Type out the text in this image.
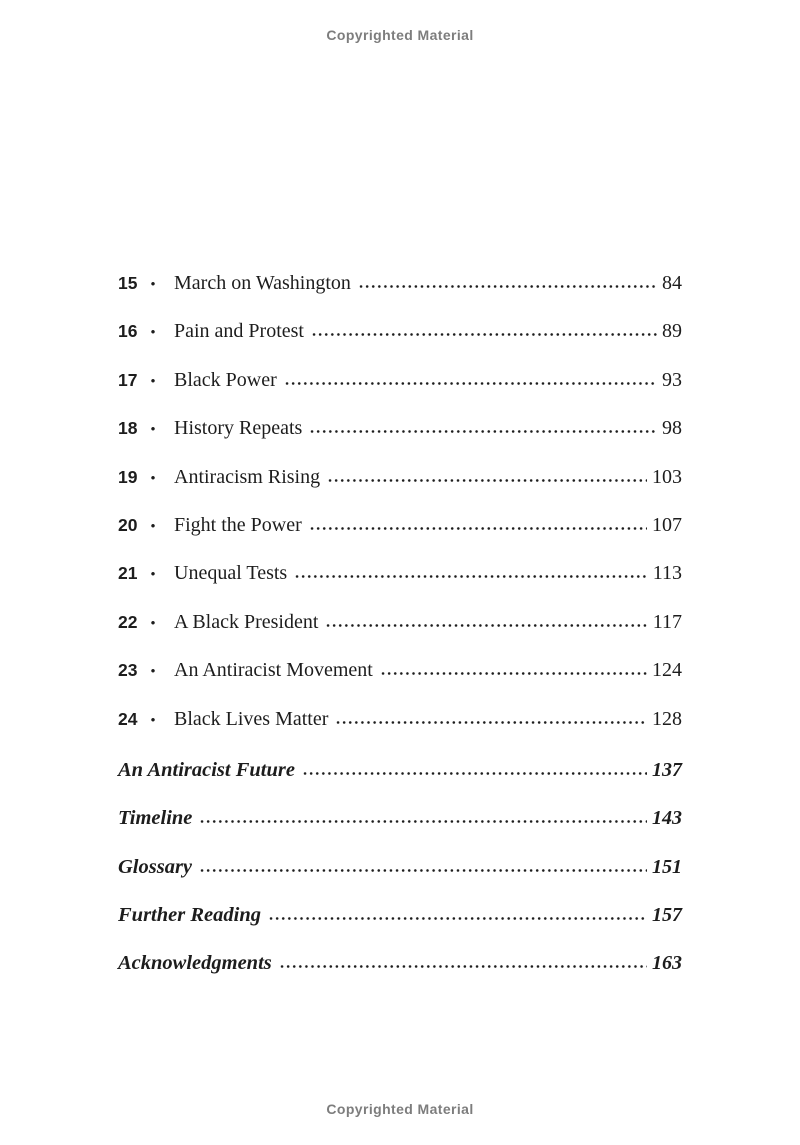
Copyrighted Material
15 • March on Washington	84
16 • Pain and Protest	89
17 • Black Power	93
18 • History Repeats	98
19 • Antiracism Rising	103
20 • Fight the Power	107
21 • Unequal Tests	113
22 • A Black President	117
23 • An Antiracist Movement	124
24 • Black Lives Matter	128
An Antiracist Future	137
Timeline	143
Glossary	151
Further Reading	157
Acknowledgments	163
Copyrighted Material
